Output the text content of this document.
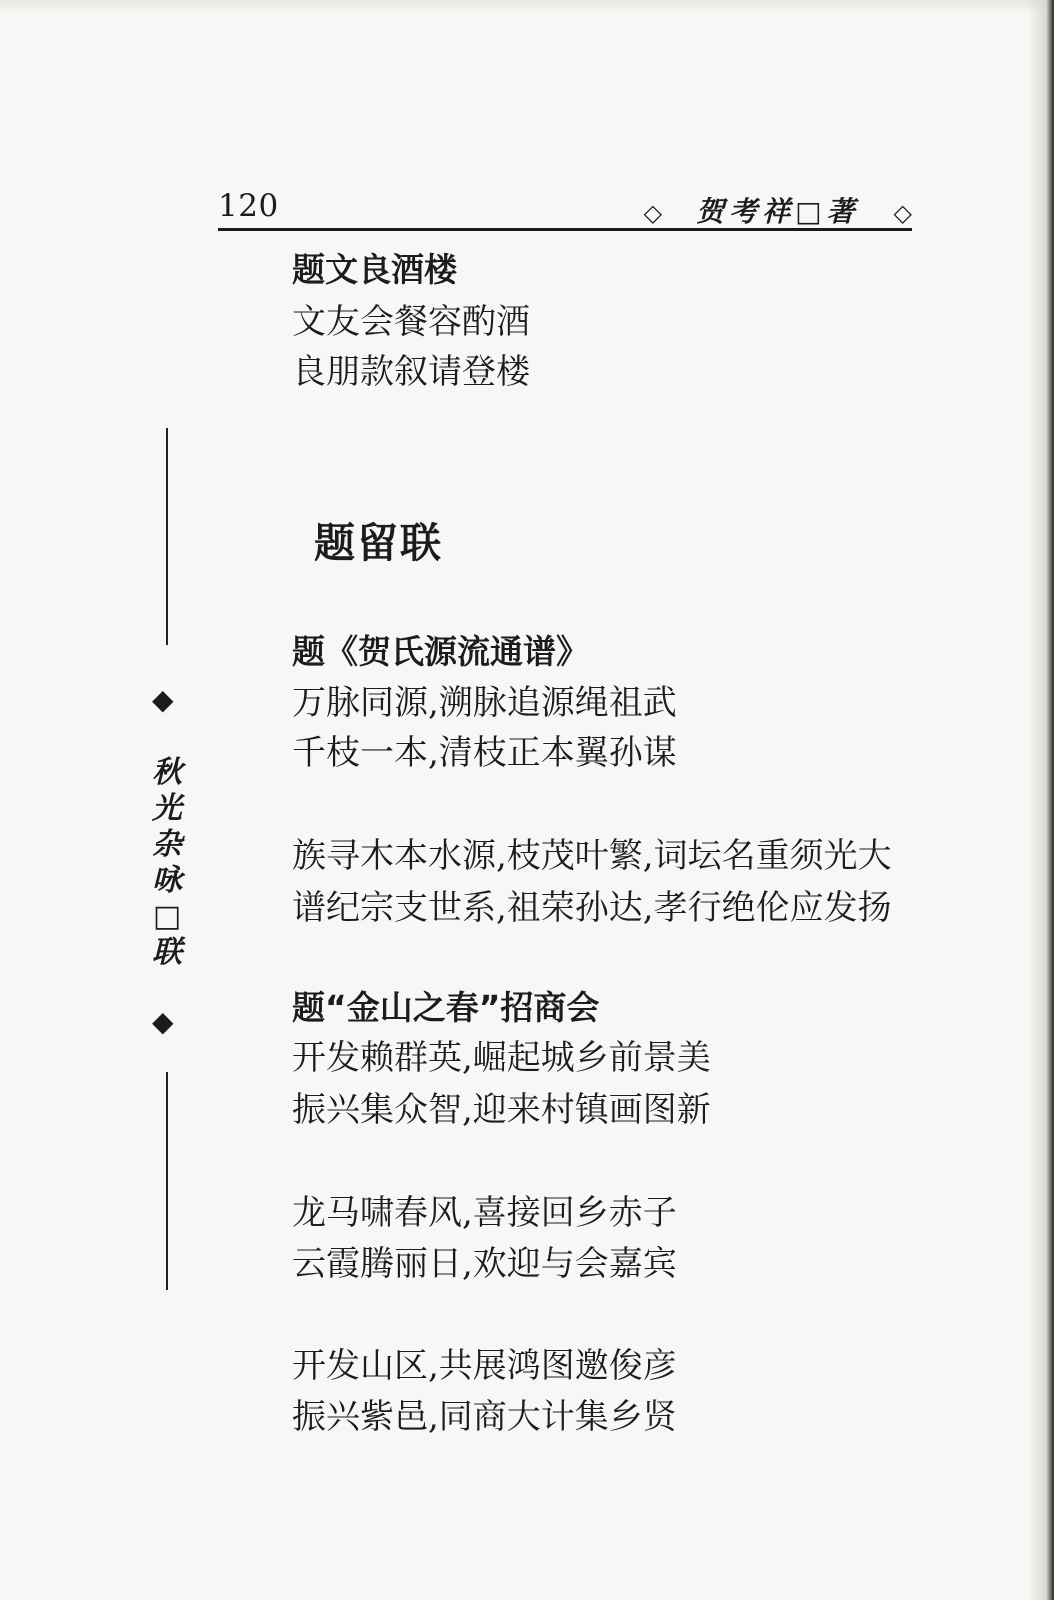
120	◇ 贺考祥□著 ◇
◆
秋
光
杂
咏
□
联
◆
题文良酒楼
文友会餐容酌酒
良朋款叙请登楼
题留联
题《贺氏源流通谱》
万脉同源,溯脉追源绳祖武
千枝一本,清枝正本翼孙谋
族寻木本水源,枝茂叶繁,词坛名重须光大
谱纪宗支世系,祖荣孙达,孝行绝伦应发扬
题“金山之春”招商会
开发赖群英,崛起城乡前景美
振兴集众智,迎来村镇画图新
龙马啸春风,喜接回乡赤子
云霞腾丽日,欢迎与会嘉宾
开发山区,共展鸿图邀俊彦
振兴紫邑,同商大计集乡贤
